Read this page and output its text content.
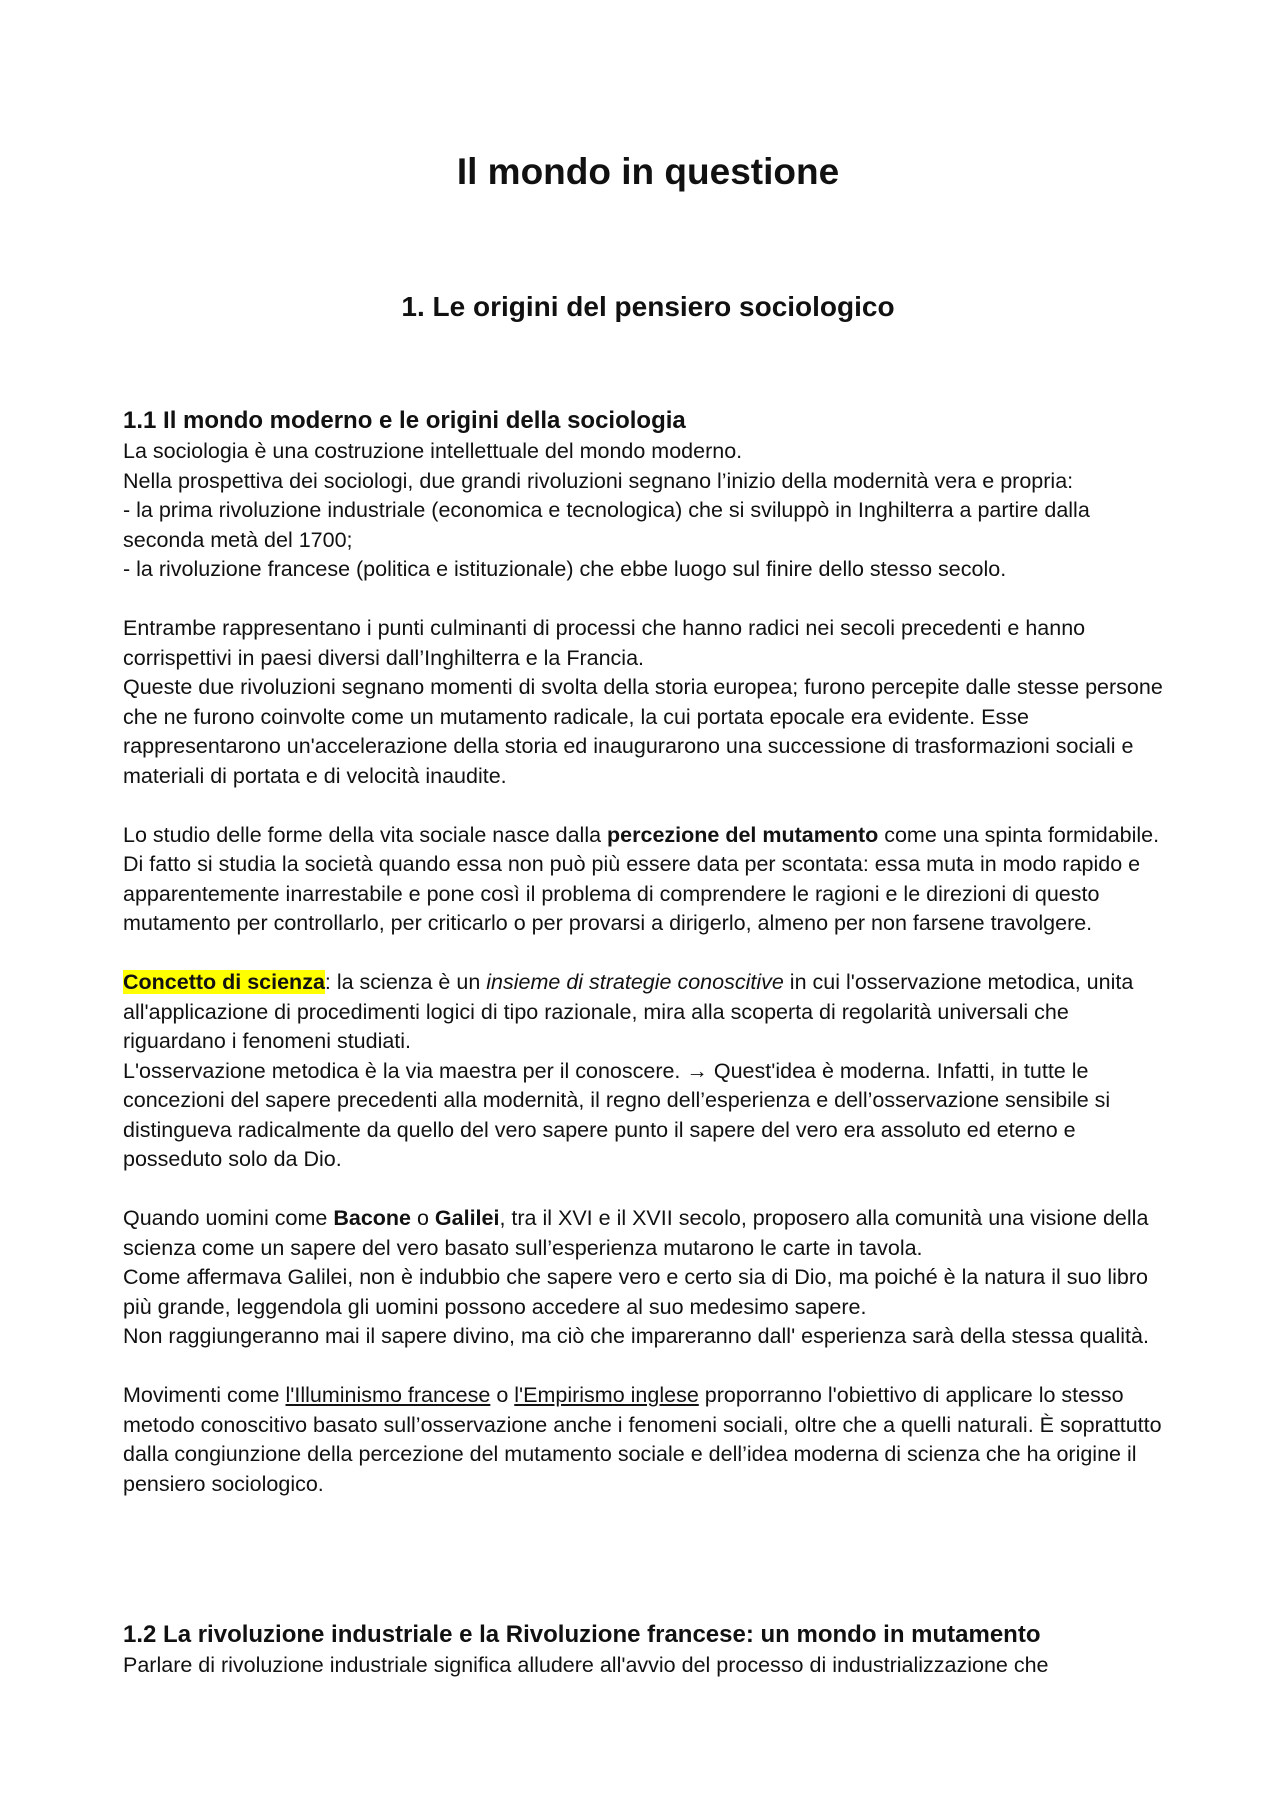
Il mondo in questione
1. Le origini del pensiero sociologico
1.1 Il mondo moderno e le origini della sociologia

La sociologia è una costruzione intellettuale del mondo moderno.

Nella prospettiva dei sociologi, due grandi rivoluzioni segnano l’inizio della modernità vera e propria:

- la prima rivoluzione industriale (economica e tecnologica) che si sviluppò in Inghilterra a partire dalla seconda metà del 1700;

- la rivoluzione francese (politica e istituzionale) che ebbe luogo sul finire dello stesso secolo.

Entrambe rappresentano i punti culminanti di processi che hanno radici nei secoli precedenti e hanno corrispettivi in paesi diversi dall’Inghilterra e la Francia.

Queste due rivoluzioni segnano momenti di svolta della storia europea; furono percepite dalle stesse persone che ne furono coinvolte come un mutamento radicale, la cui portata epocale era evidente. Esse rappresentarono un'accelerazione della storia ed inaugurarono una successione di trasformazioni sociali e materiali di portata e di velocità inaudite.

Lo studio delle forme della vita sociale nasce dalla percezione del mutamento come una spinta formidabile. Di fatto si studia la società quando essa non può più essere data per scontata: essa muta in modo rapido e apparentemente inarrestabile e pone così il problema di comprendere le ragioni e le direzioni di questo mutamento per controllarlo, per criticarlo o per provarsi a dirigerlo, almeno per non farsene travolgere.

Concetto di scienza: la scienza è un insieme di strategie conoscitive in cui l'osservazione metodica, unita all'applicazione di procedimenti logici di tipo razionale, mira alla scoperta di regolarità universali che riguardano i fenomeni studiati.

L'osservazione metodica è la via maestra per il conoscere. → Quest'idea è moderna. Infatti, in tutte le concezioni del sapere precedenti alla modernità, il regno dell’esperienza e dell’osservazione sensibile si distingueva radicalmente da quello del vero sapere punto il sapere del vero era assoluto ed eterno e posseduto solo da Dio.

Quando uomini come Bacone o Galilei, tra il XVI e il XVII secolo, proposero alla comunità una visione della scienza come un sapere del vero basato sull’esperienza mutarono le carte in tavola.

Come affermava Galilei, non è indubbio che sapere vero e certo sia di Dio, ma poiché è la natura il suo libro più grande, leggendola gli uomini possono accedere al suo medesimo sapere.

Non raggiungeranno mai il sapere divino, ma ciò che impareranno dall' esperienza sarà della stessa qualità.

Movimenti come l'Illuminismo francese o l'Empirismo inglese proporranno l'obiettivo di applicare lo stesso metodo conoscitivo basato sull’osservazione anche i fenomeni sociali, oltre che a quelli naturali. È soprattutto dalla congiunzione della percezione del mutamento sociale e dell’idea moderna di scienza che ha origine il pensiero sociologico.

1.2 La rivoluzione industriale e la Rivoluzione francese: un mondo in mutamento

Parlare di rivoluzione industriale significa alludere all'avvio del processo di industrializzazione che
